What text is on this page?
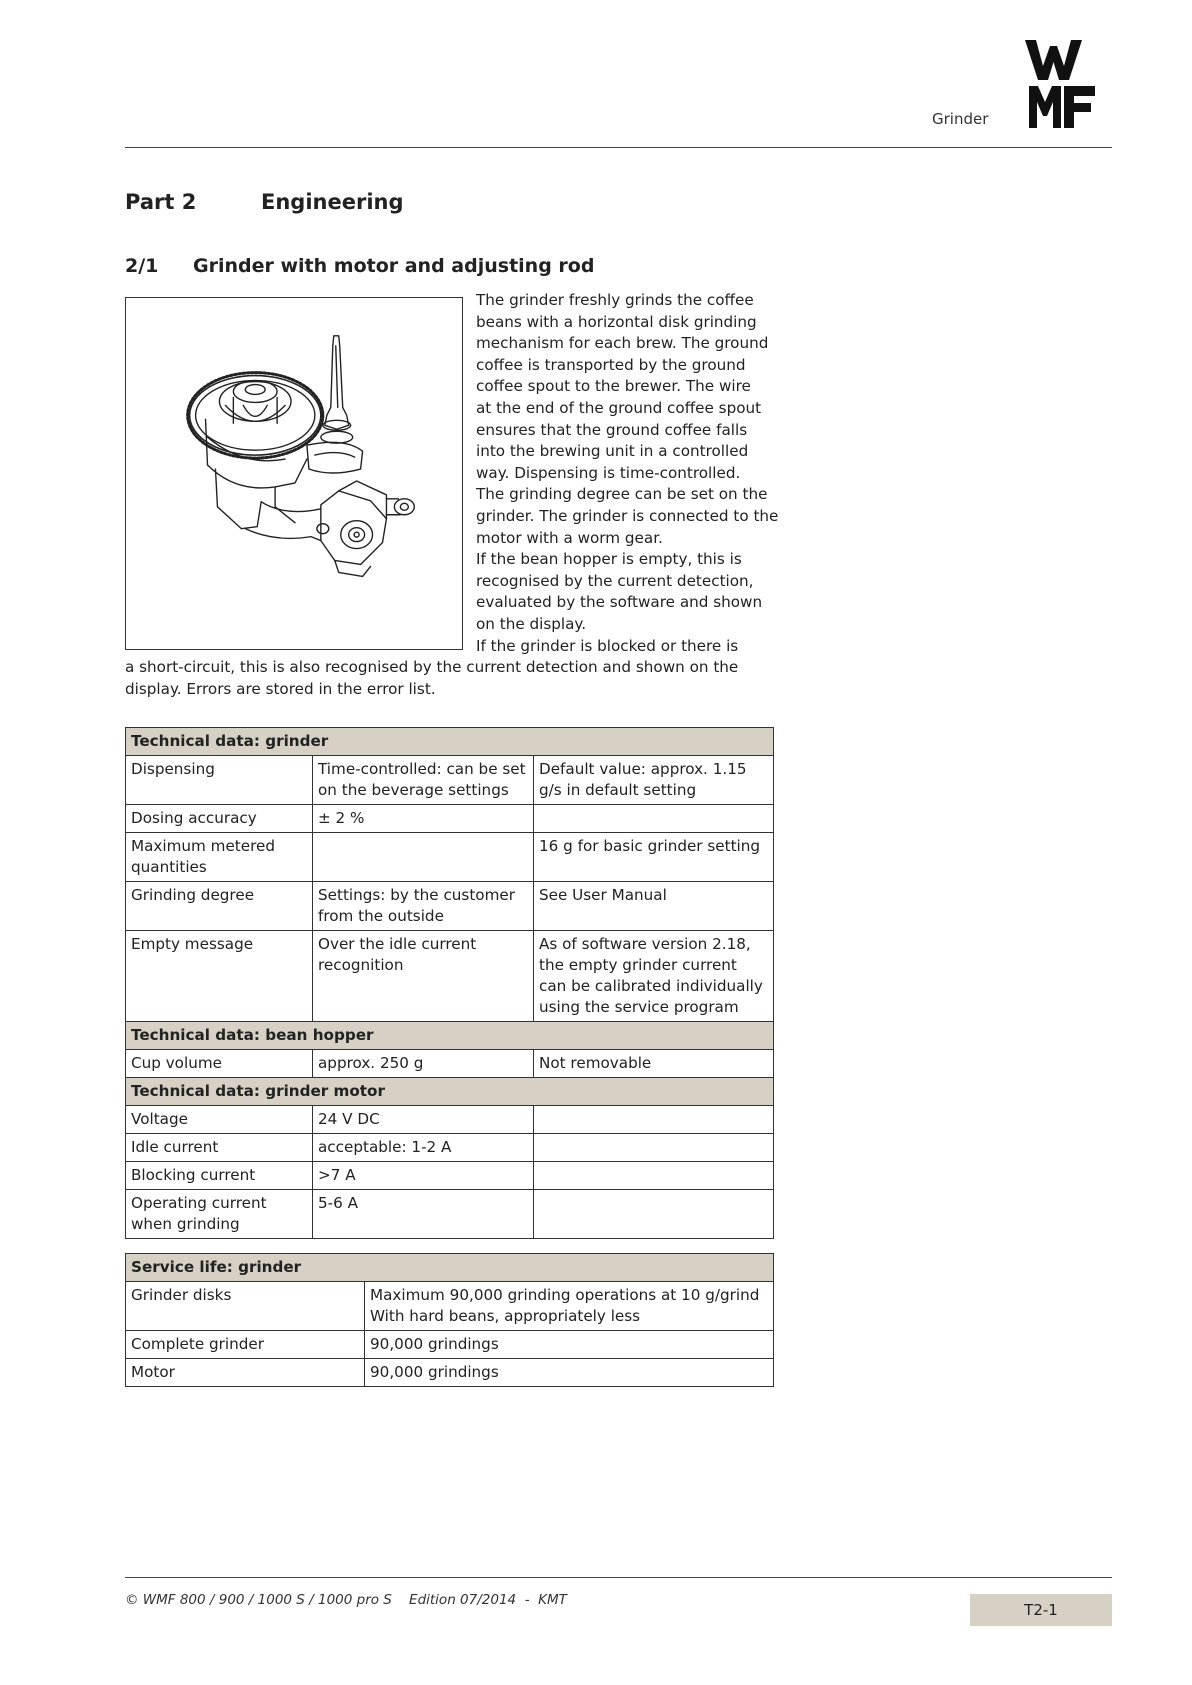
Grinder
Part 2	Engineering
2/1 Grinder with motor and adjusting rod
The grinder freshly grinds the coffee
beans with a horizontal disk grinding
mechanism for each brew. The ground
coffee is transported by the ground
coffee spout to the brewer. The wire
at the end of the ground coffee spout
ensures that the ground coffee falls
into the brewing unit in a controlled
way. Dispensing is time-controlled.
The grinding degree can be set on the
grinder. The grinder is connected to the
motor with a worm gear.
If the bean hopper is empty, this is
recognised by the current detection,
evaluated by the software and shown
on the display.
If the grinder is blocked or there is
a short-circuit, this is also recognised by the current detection and shown on the
display. Errors are stored in the error list.
Technical data: grinder		
Dispensing	Time-controlled: can be set on the beverage settings	Default value: approx. 1.15 g/s in default setting
Dosing accuracy	± 2 %	
Maximum metered quantities		16 g for basic grinder setting
Grinding degree	Settings: by the customer from the outside	See User Manual
Empty message	Over the idle current recognition	As of software version 2.18, the empty grinder current can be calibrated individually using the service program
Technical data: bean hopper		
Cup volume	approx. 250 g	Not removable
Technical data: grinder motor		
Voltage	24 V DC	
Idle current	acceptable: 1-2 A	
Blocking current	>7 A	
Operating current when grinding	5-6 A	
Service life: grinder	
Grinder disks	Maximum 90,000 grinding operations at 10 g/grind With hard beans, appropriately less
Complete grinder	90,000 grindings
Motor	90,000 grindings
© WMF 800 / 900 / 1000 S / 1000 pro S    Edition 07/2014  -  KMT
T2-1
